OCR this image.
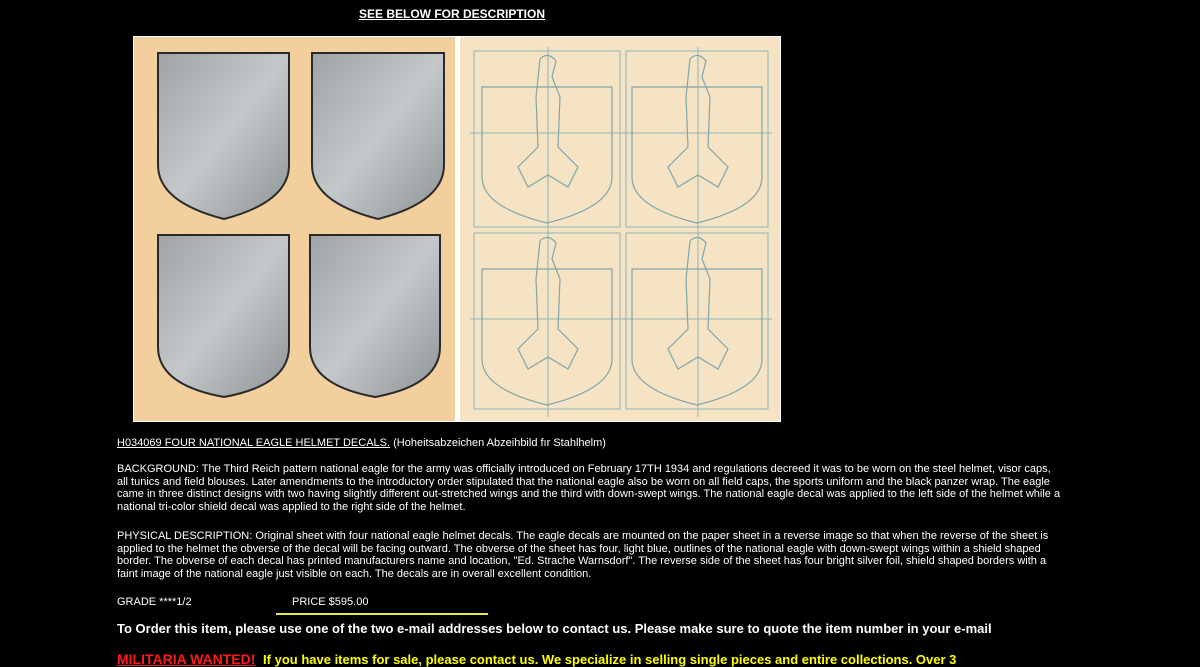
SEE BELOW FOR DESCRIPTION
H034069 FOUR NATIONAL EAGLE HELMET DECALS. (Hoheitsabzeichen Abzeihbild fır Stahlhelm)
BACKGROUND: The Third Reich pattern national eagle for the army was officially introduced on February 17TH 1934 and regulations decreed it was to be worn on the steel helmet, visor caps, all tunics and field blouses. Later amendments to the introductory order stipulated that the national eagle also be worn on all field caps, the sports uniform and the black panzer wrap. The eagle came in three distinct designs with two having slightly different out-stretched wings and the third with down-swept wings. The national eagle decal was applied to the left side of the helmet while a national tri-color shield decal was applied to the right side of the helmet.
PHYSICAL DESCRIPTION: Original sheet with four national eagle helmet decals. The eagle decals are mounted on the paper sheet in a reverse image so that when the reverse of the sheet is applied to the helmet the obverse of the decal will be facing outward. The obverse of the sheet has four, light blue, outlines of the national eagle with down-swept wings within a shield shaped border. The obverse of each decal has printed manufacturers name and location, "Ed. Strache Warnsdorf". The reverse side of the sheet has four bright silver foil, shield shaped borders with a faint image of the national eagle just visible on each. The decals are in overall excellent condition.
GRADE ****1/2	PRICE $595.00
To Order this item, please use one of the two e-mail addresses below to contact us. Please make sure to quote the item number in your e-mail
MILITARIA WANTED! If you have items for sale, please contact us. We specialize in selling single pieces and entire collections. Over 3
